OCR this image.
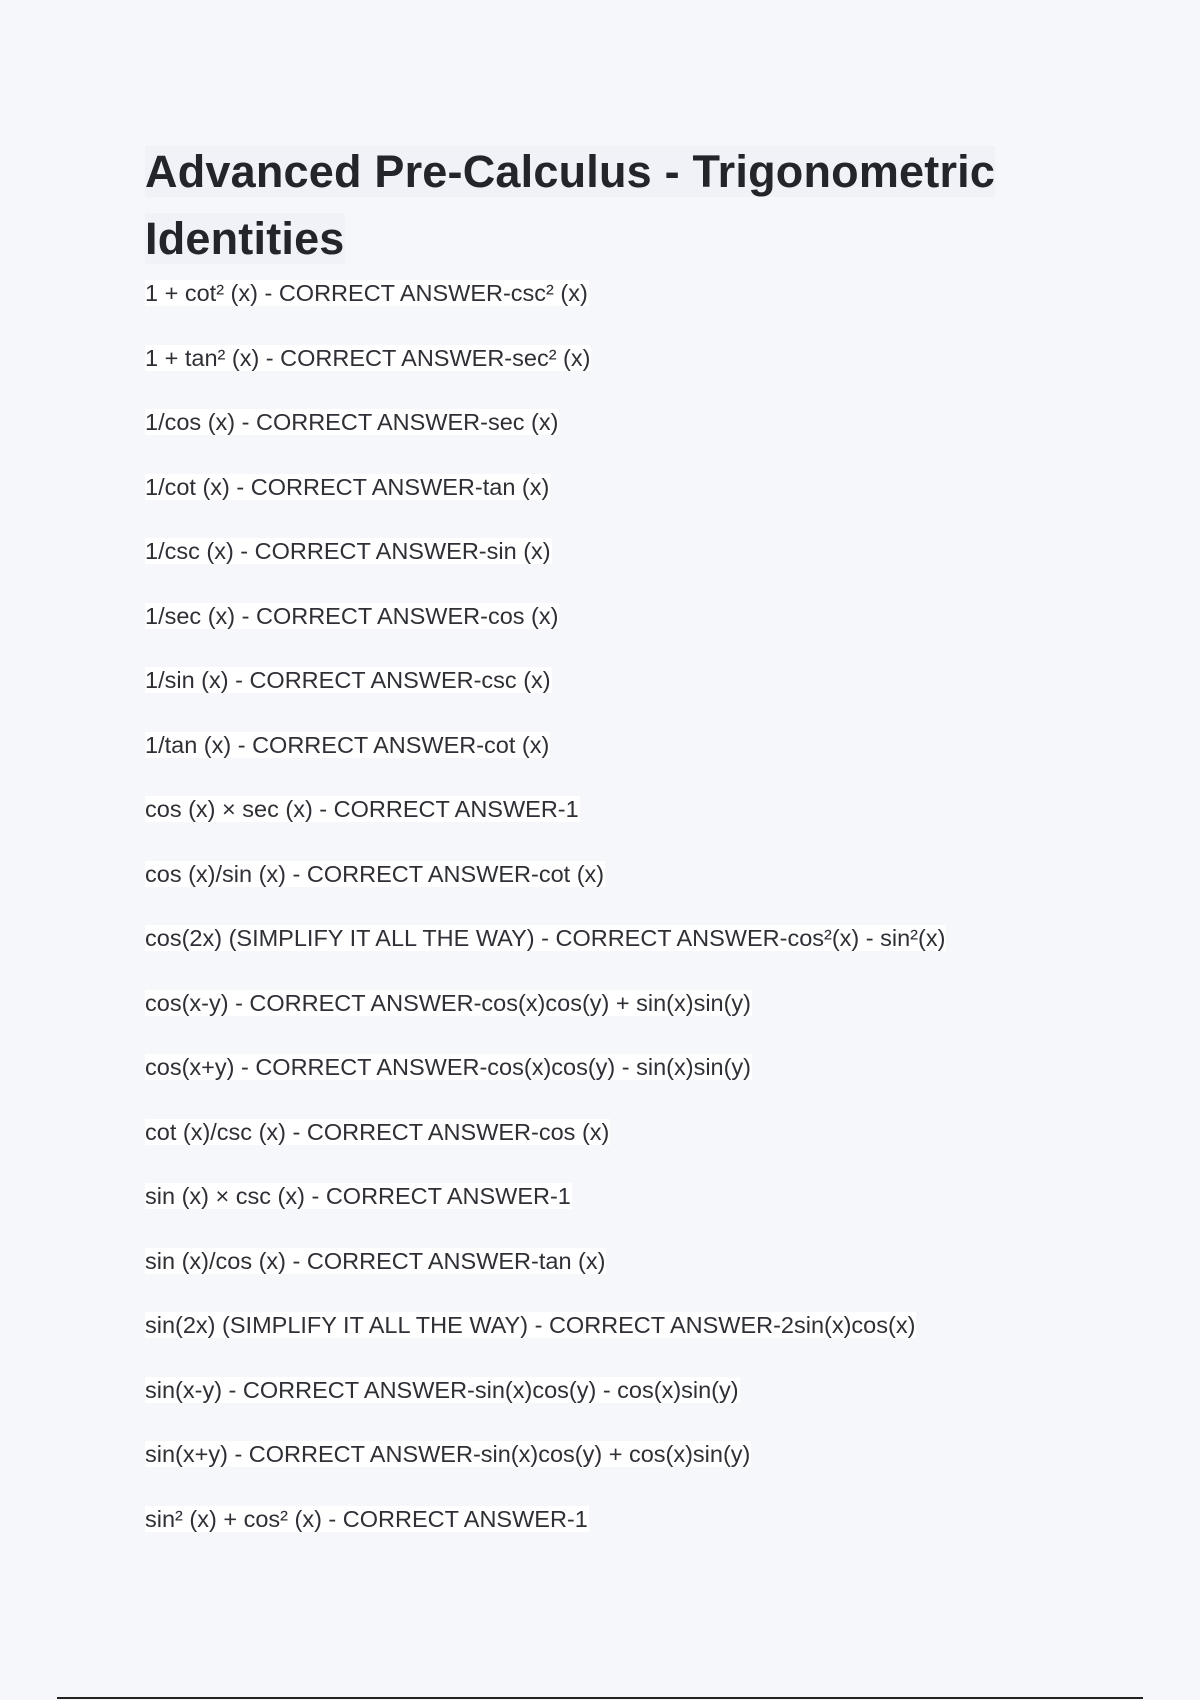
Advanced Pre-Calculus - Trigonometric Identities
1 + cot² (x) - CORRECT ANSWER-csc² (x)
1 + tan² (x) - CORRECT ANSWER-sec² (x)
1/cos (x) - CORRECT ANSWER-sec (x)
1/cot (x) - CORRECT ANSWER-tan (x)
1/csc (x) - CORRECT ANSWER-sin (x)
1/sec (x) - CORRECT ANSWER-cos (x)
1/sin (x) - CORRECT ANSWER-csc (x)
1/tan (x) - CORRECT ANSWER-cot (x)
cos (x) × sec (x) - CORRECT ANSWER-1
cos (x)/sin (x) - CORRECT ANSWER-cot (x)
cos(2x) (SIMPLIFY IT ALL THE WAY) - CORRECT ANSWER-cos²(x) - sin²(x)
cos(x-y) - CORRECT ANSWER-cos(x)cos(y) + sin(x)sin(y)
cos(x+y) - CORRECT ANSWER-cos(x)cos(y) - sin(x)sin(y)
cot (x)/csc (x) - CORRECT ANSWER-cos (x)
sin (x) × csc (x) - CORRECT ANSWER-1
sin (x)/cos (x) - CORRECT ANSWER-tan (x)
sin(2x) (SIMPLIFY IT ALL THE WAY) - CORRECT ANSWER-2sin(x)cos(x)
sin(x-y) - CORRECT ANSWER-sin(x)cos(y) - cos(x)sin(y)
sin(x+y) - CORRECT ANSWER-sin(x)cos(y) + cos(x)sin(y)
sin² (x) + cos² (x) - CORRECT ANSWER-1
